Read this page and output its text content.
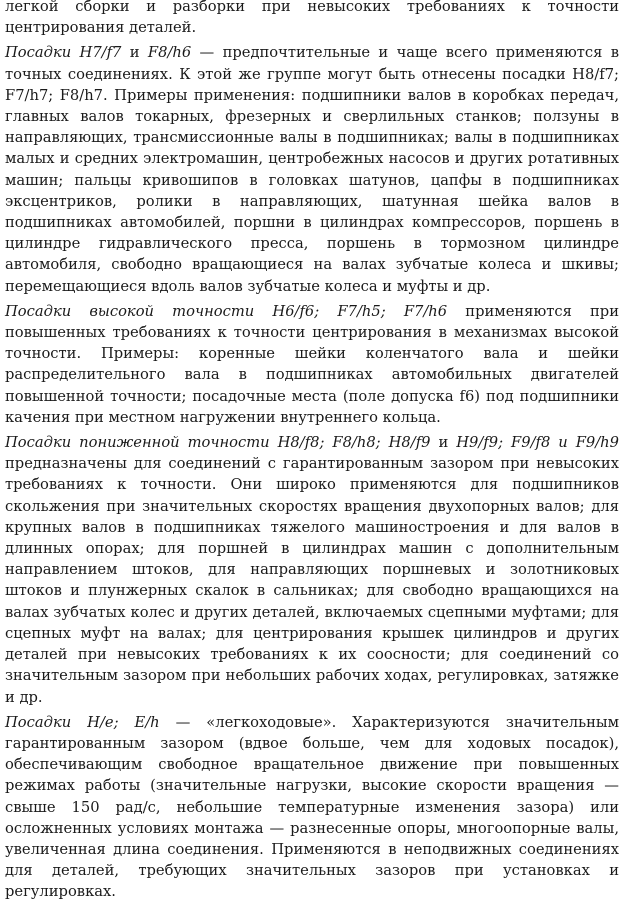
легкой сборки и разборки при невысоких требованиях к точности центрирования деталей.

Посадки H7/f7 и F8/h6 — предпочтительные и чаще всего применяются в точных соединениях. К этой же группе могут быть отнесены посадки H8/f7; F7/h7; F8/h7. Примеры применения: подшипники валов в коробках передач, главных валов токарных, фрезерных и сверлильных станков; ползуны в направляющих, трансмиссионные валы в подшипниках; валы в подшипниках малых и средних электромашин, центробежных насосов и других ротативных машин; пальцы кривошипов в головках шатунов, цапфы в подшипниках эксцентриков, ролики в направляющих, шатунная шейка валов в подшипниках автомобилей, поршни в цилиндрах компрессоров, поршень в цилиндре гидравлического пресса, поршень в тормозном цилиндре автомобиля, свободно вращающиеся на валах зубчатые колеса и шкивы; перемещающиеся вдоль валов зубчатые колеса и муфты и др.

Посадки высокой точности H6/f6; F7/h5; F7/h6 применяются при повышенных требованиях к точности центрирования в механизмах высокой точности. Примеры: коренные шейки коленчатого вала и шейки распределительного вала в подшипниках автомобильных двигателей повышенной точности; посадочные места (поле допуска f6) под подшипники качения при местном нагружении внутреннего кольца.

Посадки пониженной точности H8/f8; F8/h8; H8/f9 и H9/f9; F9/f8 и F9/h9 предназначены для соединений с гарантированным зазором при невысоких требованиях к точности. Они широко применяются для подшипников скольжения при значительных скоростях вращения двухопорных валов; для крупных валов в подшипниках тяжелого машиностроения и для валов в длинных опорах; для поршней в цилиндрах машин с дополнительным направлением штоков, для направляющих поршневых и золотниковых штоков и плунжерных скалок в сальниках; для свободно вращающихся на валах зубчатых колес и других деталей, включаемых сцепными муфтами; для сцепных муфт на валах; для центрирования крышек цилиндров и других деталей при невысоких требованиях к их соосности; для соединений со значительным зазором при небольших рабочих ходах, регулировках, затяжке и др.

Посадки H/e; E/h — «легкоходовые». Характеризуются значительным гарантированным зазором (вдвое больше, чем для ходовых посадок), обеспечивающим свободное вращательное движение при повышенных режимах работы (значительные нагрузки, высокие скорости вращения — свыше 150 рад/с, небольшие температурные изменения зазора) или осложненных условиях монтажа — разнесенные опоры, многоопорные валы, увеличенная длина соединения. Применяются в неподвижных соединениях для деталей, требующих значительных зазоров при установках и регулировках.
